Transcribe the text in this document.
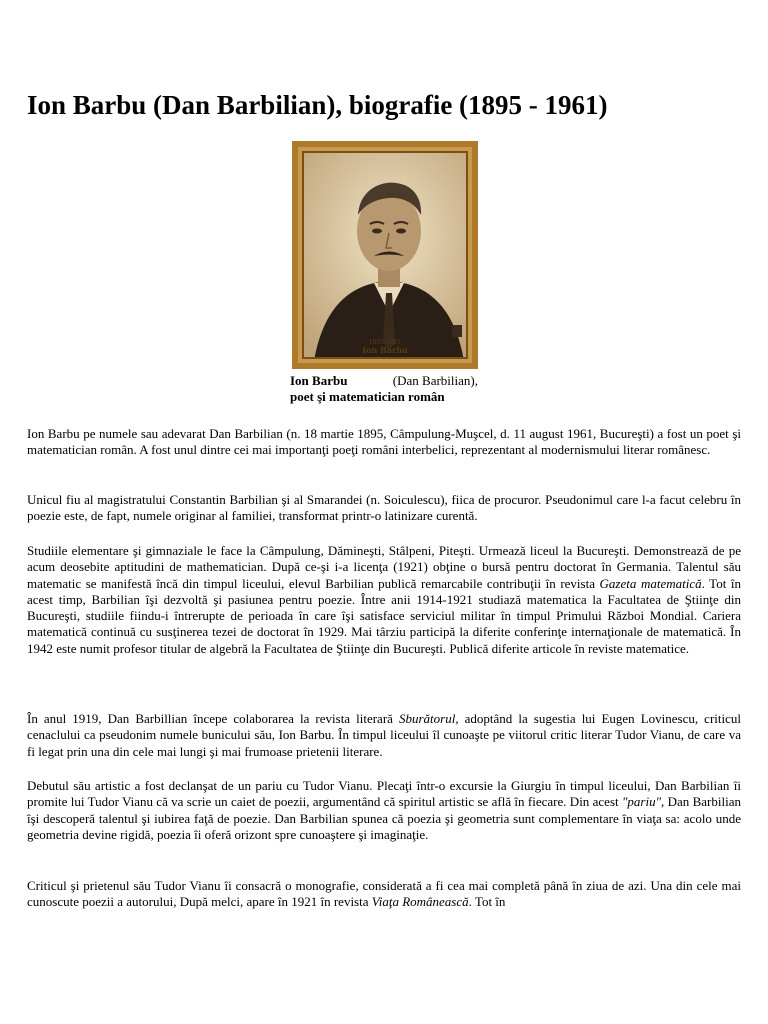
Ion Barbu (Dan Barbilian), biografie (1895 - 1961)
1895-1961
Ion Barbu
Ion Barbu	(Dan Barbilian),
poet şi matematician român

Ion Barbu pe numele sau adevarat Dan Barbilian (n. 18 martie 1895, Câmpulung-Muşcel, d. 11 august 1961, Bucureşti) a fost un poet şi matematician român. A fost unul dintre cei mai importanţi poeţi români interbelici, reprezentant al modernismului literar românesc.

Unicul fiu al magistratului Constantin Barbilian şi al Smarandei (n. Soiculescu), fiica de procuror. Pseudonimul care l-a facut celebru în poezie este, de fapt, numele originar al familiei, transformat printr-o latinizare curentă.

Studiile elementare şi gimnaziale le face la Câmpulung, Dămineşti, Stâlpeni, Piteşti. Urmează liceul la Bucureşti. Demonstrează de pe acum deosebite aptitudini de mathematician. După ce-şi i-a licenţa (1921) obţine o bursă pentru doctorat în Germania. Talentul său matematic se manifestă încă din timpul liceului, elevul Barbilian publică remarcabile contribuţii în revista Gazeta matematică. Tot în acest timp, Barbilian îşi dezvoltă şi pasiunea pentru poezie. Între anii 1914-1921 studiază matematica la Facultatea de Ştiinţe din Bucureşti, studiile fiindu-i întrerupte de perioada în care îşi satisface serviciul militar în timpul Primului Război Mondial. Cariera matematică continuă cu susţinerea tezei de doctorat în 1929. Mai târziu participă la diferite conferinţe internaţionale de matematică. În 1942 este numit profesor titular de algebră la Facultatea de Ştiinţe din Bucureşti. Publică diferite articole în reviste matematice.

În anul 1919, Dan Barbillian începe colaborarea la revista literară Sburătorul, adoptând la sugestia lui Eugen Lovinescu, criticul cenaclului ca pseudonim numele bunicului său, Ion Barbu. În timpul liceului îl cunoaşte pe viitorul critic literar Tudor Vianu, de care va fi legat prin una din cele mai lungi şi mai frumoase prietenii literare.

Debutul său artistic a fost declanşat de un pariu cu Tudor Vianu. Plecaţi într-o excursie la Giurgiu în timpul liceului, Dan Barbilian îi promite lui Tudor Vianu că va scrie un caiet de poezii, argumentând că spiritul artistic se află în fiecare. Din acest "pariu", Dan Barbilian îşi descoperă talentul şi iubirea faţă de poezie. Dan Barbilian spunea că poezia şi geometria sunt complementare în viaţa sa: acolo unde geometria devine rigidă, poezia îi oferă orizont spre cunoaştere şi imaginaţie.

Criticul şi prietenul său Tudor Vianu îi consacră o monografie, considerată a fi cea mai completă până în ziua de azi. Una din cele mai cunoscute poezii a autorului, După melci, apare în 1921 în revista Viaţa Românească. Tot în
